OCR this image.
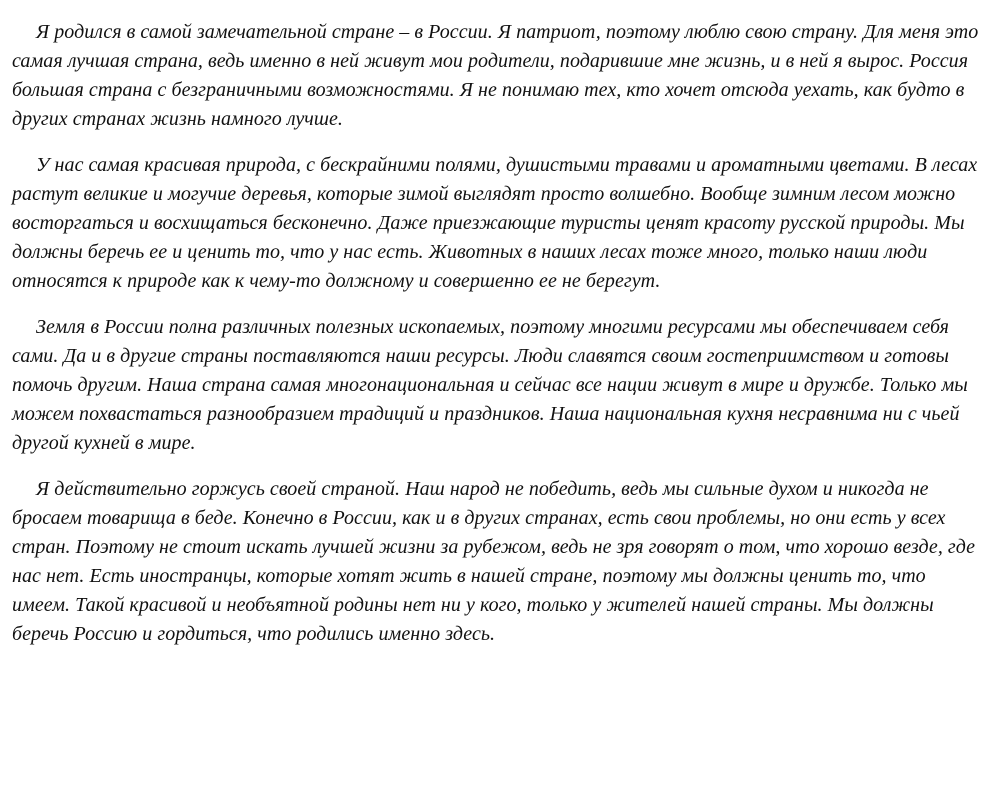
Я родился в самой замечательной стране – в России. Я патриот, поэтому люблю свою страну. Для меня это самая лучшая страна, ведь именно в ней живут мои родители, подарившие мне жизнь, и в ней я вырос. Россия большая страна с безграничными возможностями. Я не понимаю тех, кто хочет отсюда уехать, как будто в других странах жизнь намного лучше.

У нас самая красивая природа, с бескрайними полями, душистыми травами и ароматными цветами. В лесах растут великие и могучие деревья, которые зимой выглядят просто волшебно. Вообще зимним лесом можно восторгаться и восхищаться бесконечно. Даже приезжающие туристы ценят красоту русской природы. Мы должны беречь ее и ценить то, что у нас есть. Животных в наших лесах тоже много, только наши люди относятся к природе как к чему-то должному и совершенно ее не берегут.

Земля в России полна различных полезных ископаемых, поэтому многими ресурсами мы обеспечиваем себя сами. Да и в другие страны поставляются наши ресурсы. Люди славятся своим гостеприимством и готовы помочь другим. Наша страна самая многонациональная и сейчас все нации живут в мире и дружбе. Только мы можем похвастаться разнообразием традиций и праздников. Наша национальная кухня несравнима ни с чьей другой кухней в мире.

Я действительно горжусь своей страной. Наш народ не победить, ведь мы сильные духом и никогда не бросаем товарища в беде. Конечно в России, как и в других странах, есть свои проблемы, но они есть у всех стран. Поэтому не стоит искать лучшей жизни за рубежом, ведь не зря говорят о том, что хорошо везде, где нас нет. Есть иностранцы, которые хотят жить в нашей стране, поэтому мы должны ценить то, что имеем. Такой красивой и необъятной родины нет ни у кого, только у жителей нашей страны. Мы должны беречь Россию и гордиться, что родились именно здесь.
